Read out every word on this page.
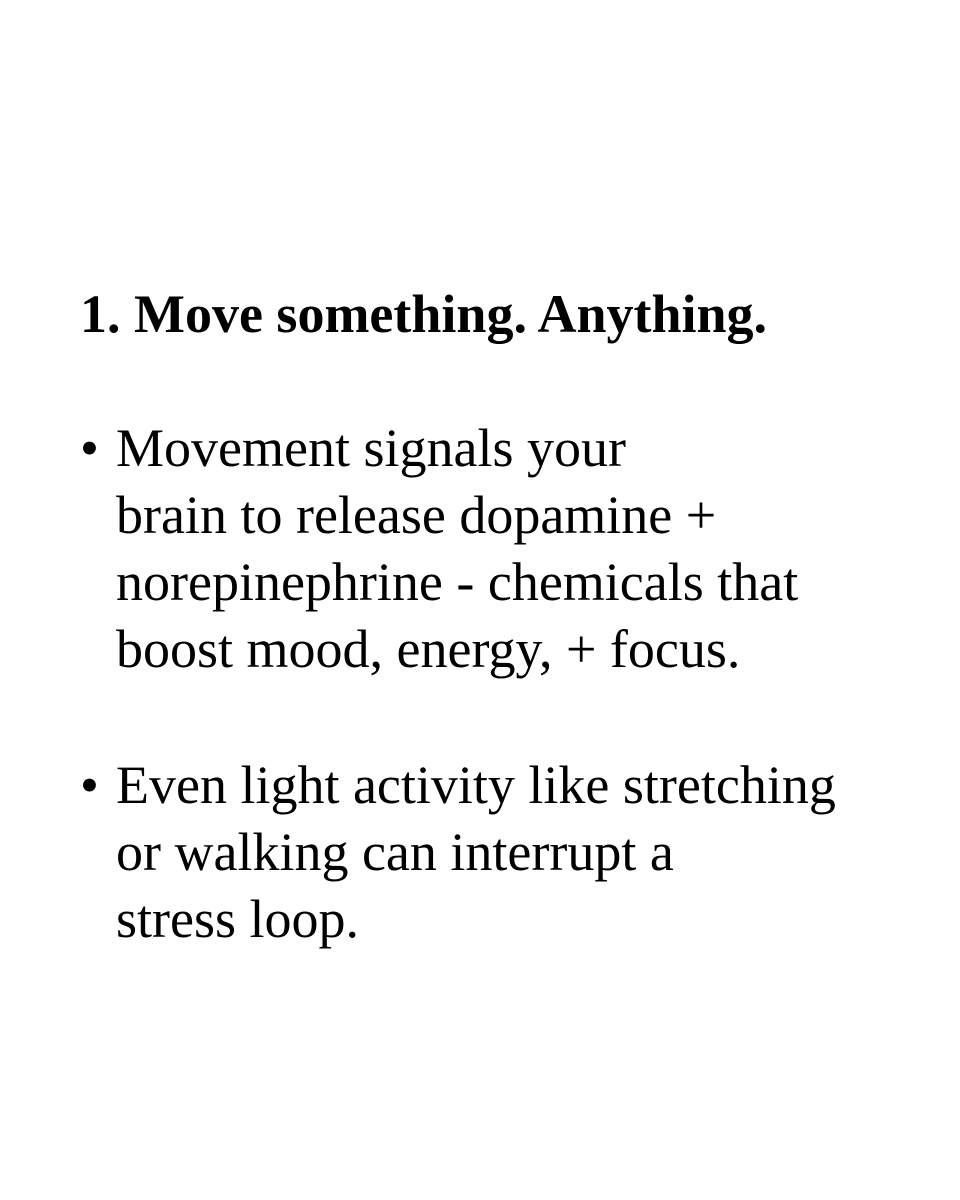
1. Move something. Anything.
• Movement signals your
brain to release dopamine +
norepinephrine - chemicals that
boost mood, energy, + focus.
• Even light activity like stretching
or walking can interrupt a
stress loop.
